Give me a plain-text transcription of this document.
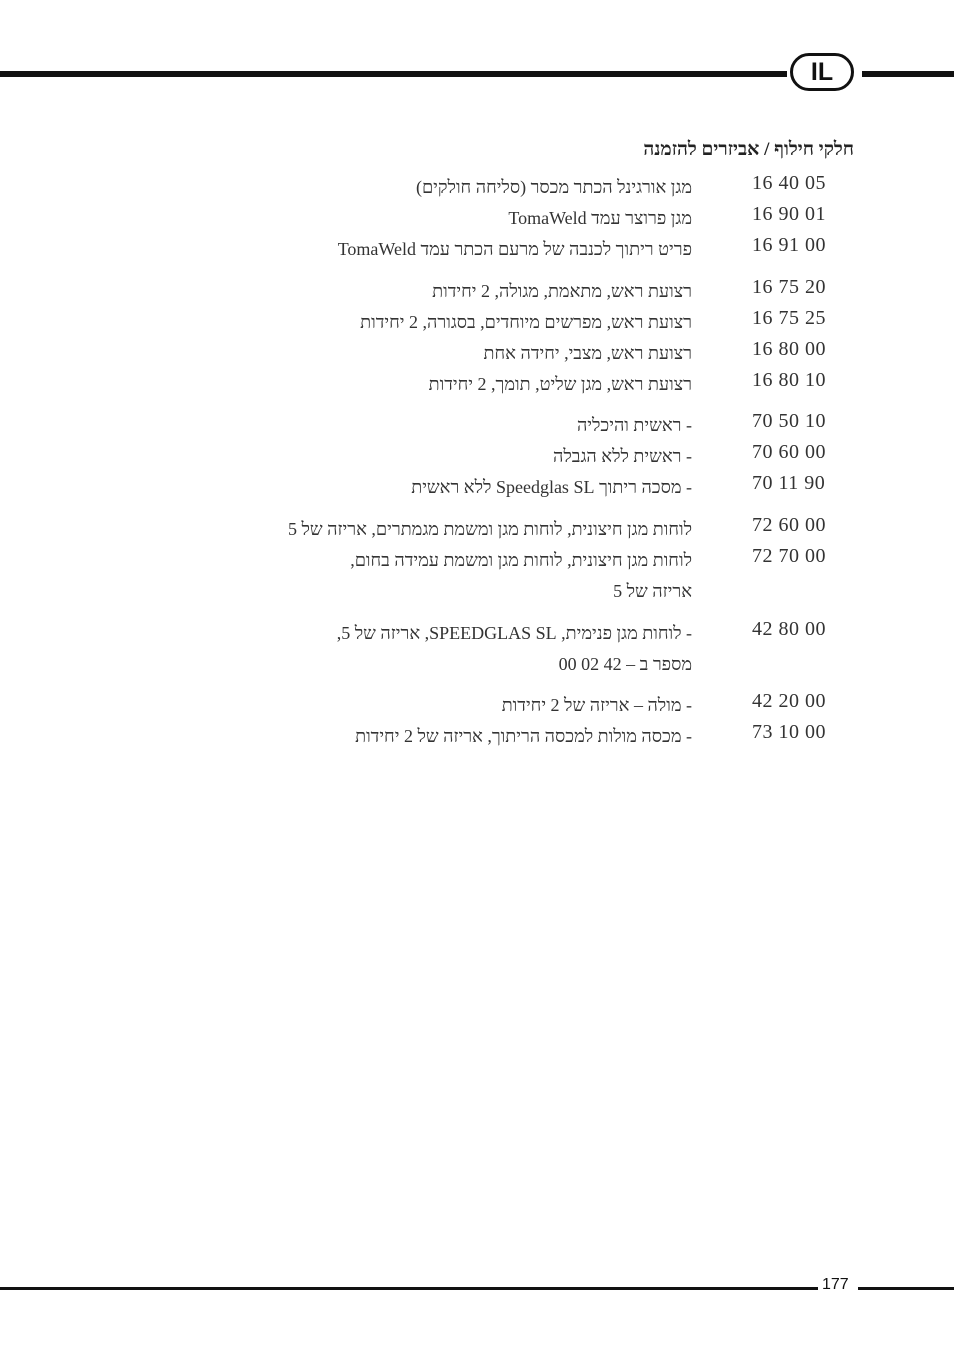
IL
חלקי חילוף / אביזרים להזמנה
16 40 05
מגן אורגינל הכתר מכסר (סליחה חולקים)
16 90 01
מגן פרוצר עמד TomaWeld
16 91 00
פריט ריתוך לכנבה של מרעם הכתר עמד TomaWeld
16 75 20
רצועת ראש, מתאמת, מגולה, 2 יחידות
16 75 25
רצועת ראש, מפרשים מיוחדים, בסגורה, 2 יחידות
16 80 00
רצועת ראש, מצבי, יחידה אחת
16 80 10
רצועת ראש, מגן שליט, תומך, 2 יחידות
70 50 10
- ראשית והיכליה
70 60 00
- ראשית ללא הגבלה
70 11 90
- מסכה ריתוך Speedglas SL ללא ראשית
72 60 00
לוחות מגן חיצונית, לוחות מגן ומשמת מגמתרים, אריזה של 5
72 70 00
לוחות מגן חיצונית, לוחות מגן ומשמת עמידה בחום,
אריזה של 5
42 80 00
- לוחות מגן פנימית, SPEEDGLAS SL, אריזה של 5,
מספר ב – 42 02 00
42 20 00
- מולה – אריזה של 2 יחידות
73 10 00
- מכסה מולות למכסה הריתוך, אריזה של 2 יחידות
177
